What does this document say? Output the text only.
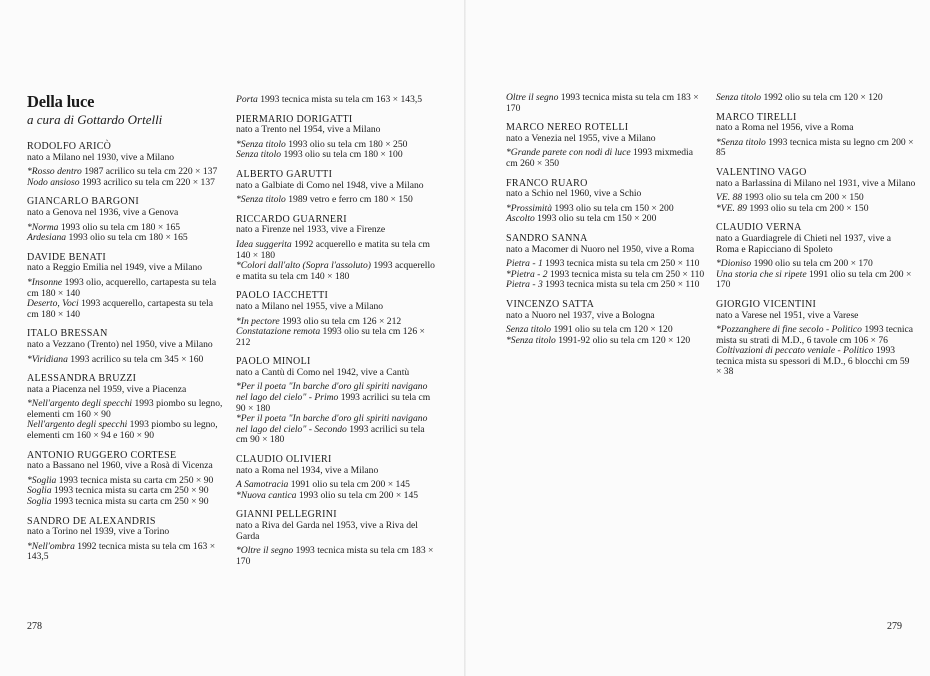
Della luce
a cura di Gottardo Ortelli
RODOLFO ARICÒ
nato a Milano nel 1930, vive a Milano
*Rosso dentro 1987 acrilico su tela cm 220 × 137
Nodo ansioso 1993 acrilico su tela cm 220 × 137
GIANCARLO BARGONI
nato a Genova nel 1936, vive a Genova
*Norma 1993 olio su tela cm 180 × 165
Ardesiana 1993 olio su tela cm 180 × 165
DAVIDE BENATI
nato a Reggio Emilia nel 1949, vive a Milano
*Insonne 1993 olio, acquerello, cartapesta su tela cm 180 × 140
Deserto, Voci 1993 acquerello, cartapesta su tela cm 180 × 140
ITALO BRESSAN
nato a Vezzano (Trento) nel 1950, vive a Milano
*Viridiana 1993 acrilico su tela cm 345 × 160
ALESSANDRA BRUZZI
nata a Piacenza nel 1959, vive a Piacenza
*Nell'argento degli specchi 1993 piombo su legno, elementi cm 160 × 90
Nell'argento degli specchi 1993 piombo su legno, elementi cm 160 × 94 e 160 × 90
ANTONIO RUGGERO CORTESE
nato a Bassano nel 1960, vive a Rosà di Vicenza
*Soglia 1993 tecnica mista su carta cm 250 × 90
Soglia 1993 tecnica mista su carta cm 250 × 90
Soglia 1993 tecnica mista su carta cm 250 × 90
SANDRO DE ALEXANDRIS
nato a Torino nel 1939, vive a Torino
*Nell'ombra 1992 tecnica mista su tela cm 163 × 143,5
Porta 1993 tecnica mista su tela cm 163 × 143,5
PIERMARIO DORIGATTI
nato a Trento nel 1954, vive a Milano
*Senza titolo 1993 olio su tela cm 180 × 250
Senza titolo 1993 olio su tela cm 180 × 100
ALBERTO GARUTTI
nato a Galbiate di Como nel 1948, vive a Milano
*Senza titolo 1989 vetro e ferro cm 180 × 150
RICCARDO GUARNERI
nato a Firenze nel 1933, vive a Firenze
Idea suggerita 1992 acquerello e matita su tela cm 140 × 180
*Colori dall'alto (Sopra l'assoluto) 1993 acquerello e matita su tela cm 140 × 180
PAOLO IACCHETTI
nato a Milano nel 1955, vive a Milano
*In pectore 1993 olio su tela cm 126 × 212
Constatazione remota 1993 olio su tela cm 126 × 212
PAOLO MINOLI
nato a Cantù di Como nel 1942, vive a Cantù
*Per il poeta "In barche d'oro gli spiriti navigano nel lago del cielo" - Primo 1993 acrilici su tela cm 90 × 180
*Per il poeta "In barche d'oro gli spiriti navigano nel lago del cielo" - Secondo 1993 acrilici su tela cm 90 × 180
CLAUDIO OLIVIERI
nato a Roma nel 1934, vive a Milano
A Samotracia 1991 olio su tela cm 200 × 145
*Nuova cantica 1993 olio su tela cm 200 × 145
GIANNI PELLEGRINI
nato a Riva del Garda nel 1953, vive a Riva del Garda
*Oltre il segno 1993 tecnica mista su tela cm 183 × 170
Oltre il segno 1993 tecnica mista su tela cm 183 × 170
MARCO NEREO ROTELLI
nato a Venezia nel 1955, vive a Milano
*Grande parete con nodi di luce 1993 mixmedia cm 260 × 350
FRANCO RUARO
nato a Schio nel 1960, vive a Schio
*Prossimità 1993 olio su tela cm 150 × 200
Ascolto 1993 olio su tela cm 150 × 200
SANDRO SANNA
nato a Macomer di Nuoro nel 1950, vive a Roma
Pietra - 1 1993 tecnica mista su tela cm 250 × 110
*Pietra - 2 1993 tecnica mista su tela cm 250 × 110
Pietra - 3 1993 tecnica mista su tela cm 250 × 110
VINCENZO SATTA
nato a Nuoro nel 1937, vive a Bologna
Senza titolo 1991 olio su tela cm 120 × 120
*Senza titolo 1991-92 olio su tela cm 120 × 120
Senza titolo 1992 olio su tela cm 120 × 120
MARCO TIRELLI
nato a Roma nel 1956, vive a Roma
*Senza titolo 1993 tecnica mista su legno cm 200 × 85
VALENTINO VAGO
nato a Barlassina di Milano nel 1931, vive a Milano
VE. 88 1993 olio su tela cm 200 × 150
*VE. 89 1993 olio su tela cm 200 × 150
CLAUDIO VERNA
nato a Guardiagrele di Chieti nel 1937, vive a Roma e Rapicciano di Spoleto
*Dioniso 1990 olio su tela cm 200 × 170
Una storia che si ripete 1991 olio su tela cm 200 × 170
GIORGIO VICENTINI
nato a Varese nel 1951, vive a Varese
*Pozzanghere di fine secolo - Politico 1993 tecnica mista su strati di M.D., 6 tavole cm 106 × 76
Coltivazioni di peccato veniale - Politico 1993 tecnica mista su spessori di M.D., 6 blocchi cm 59 × 38
278	279
